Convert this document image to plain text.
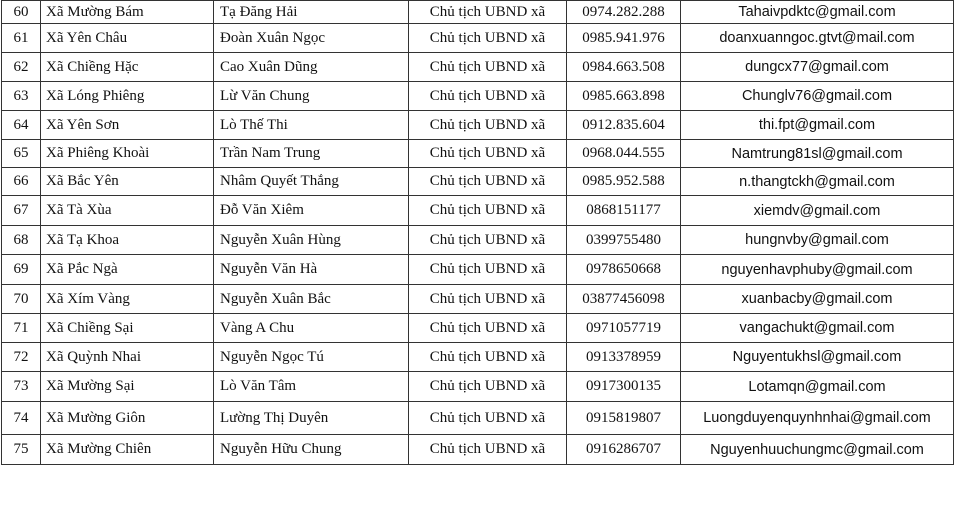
60	Xã Mường Bám	Tạ Đăng Hải	Chủ tịch UBND xã	0974.282.288	Tahaivpdktc@gmail.com
61	Xã Yên Châu	Đoàn Xuân Ngọc	Chủ tịch UBND xã	0985.941.976	doanxuanngoc.gtvt@mail.com
62	Xã Chiềng Hặc	Cao Xuân Dũng	Chủ tịch UBND xã	0984.663.508	dungcx77@gmail.com
63	Xã Lóng Phiêng	Lừ Văn Chung	Chủ tịch UBND xã	0985.663.898	Chunglv76@gmail.com
64	Xã Yên Sơn	Lò Thế Thi	Chủ tịch UBND xã	0912.835.604	thi.fpt@gmail.com
65	Xã Phiêng Khoài	Trần Nam Trung	Chủ tịch UBND xã	0968.044.555	Namtrung81sl@gmail.com
66	Xã Bắc Yên	Nhâm Quyết Thắng	Chủ tịch UBND xã	0985.952.588	n.thangtckh@gmail.com
67	Xã Tà Xùa	Đỗ Văn Xiêm	Chủ tịch UBND xã	0868151177	xiemdv@gmail.com
68	Xã Tạ Khoa	Nguyễn Xuân Hùng	Chủ tịch UBND xã	0399755480	hungnvby@gmail.com
69	Xã Pắc Ngà	Nguyễn Văn Hà	Chủ tịch UBND xã	0978650668	nguyenhavphuby@gmail.com
70	Xã Xím Vàng	Nguyễn Xuân Bắc	Chủ tịch UBND xã	03877456098	xuanbacby@gmail.com
71	Xã Chiềng Sại	Vàng A Chu	Chủ tịch UBND xã	0971057719	vangachukt@gmail.com
72	Xã Quỳnh Nhai	Nguyễn Ngọc Tú	Chủ tịch UBND xã	0913378959	Nguyentukhsl@gmail.com
73	Xã Mường Sại	Lò Văn Tâm	Chủ tịch UBND xã	0917300135	Lotamqn@gmail.com
74	Xã Mường Giôn	Lường Thị Duyên	Chủ tịch UBND xã	0915819807	Luongduyenquynhnhai@gmail.com
75	Xã Mường Chiên	Nguyễn Hữu Chung	Chủ tịch UBND xã	0916286707	Nguyenhuuchungmc@gmail.com
